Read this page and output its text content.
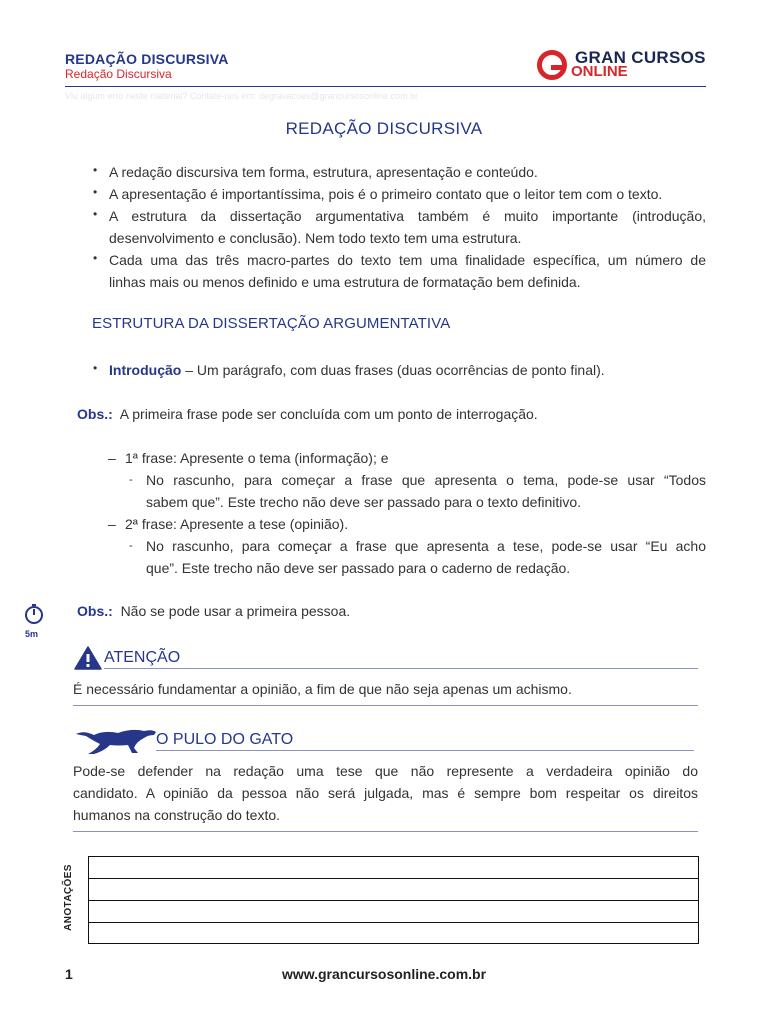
REDAÇÃO DISCURSIVA
Redação Discursiva
GRAN CURSOS
ONLINE
Viu algum erro neste material? Contate-nos em: degravacoes@grancursosonline.com.br
REDAÇÃO DISCURSIVA
• A redação discursiva tem forma, estrutura, apresentação e conteúdo.
• A apresentação é importantíssima, pois é o primeiro contato que o leitor tem com o texto.
• A estrutura da dissertação argumentativa também é muito importante (introdução,
desenvolvimento e conclusão). Nem todo texto tem uma estrutura.
• Cada uma das três macro-partes do texto tem uma finalidade específica, um número de
linhas mais ou menos definido e uma estrutura de formatação bem definida.
ESTRUTURA DA DISSERTAÇÃO ARGUMENTATIVA
• Introdução – Um parágrafo, com duas frases (duas ocorrências de ponto final).
Obs.: A primeira frase pode ser concluída com um ponto de interrogação.
– 1ª frase: Apresente o tema (informação); e
- No rascunho, para começar a frase que apresenta o tema, pode-se usar “Todos
sabem que”. Este trecho não deve ser passado para o texto definitivo.
– 2ª frase: Apresente a tese (opinião).
- No rascunho, para começar a frase que apresenta a tese, pode-se usar “Eu acho
que”. Este trecho não deve ser passado para o caderno de redação.
5m
Obs.: Não se pode usar a primeira pessoa.
ATENÇÃO
É necessário fundamentar a opinião, a fim de que não seja apenas um achismo.
O PULO DO GATO
Pode-se defender na redação uma tese que não represente a verdadeira opinião do
candidato. A opinião da pessoa não será julgada, mas é sempre bom respeitar os direitos
humanos na construção do texto.
ANOTAÇÕES
1	www.grancursosonline.com.br
